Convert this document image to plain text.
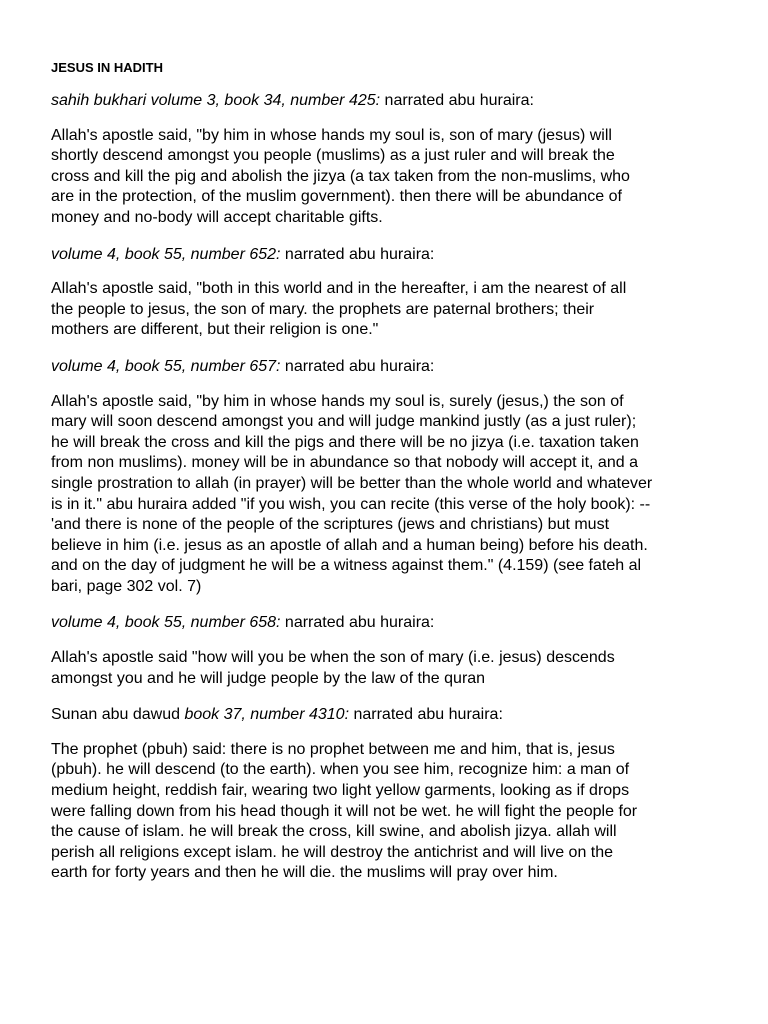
JESUS IN HADITH

sahih bukhari volume 3, book 34, number 425: narrated abu huraira:

Allah's apostle said, "by him in whose hands my soul is, son of mary (jesus) will
shortly descend amongst you people (muslims) as a just ruler and will break the
cross and kill the pig and abolish the jizya (a tax taken from the non-muslims, who
are in the protection, of the muslim government). then there will be abundance of
money and no-body will accept charitable gifts.

volume 4, book 55, number 652: narrated abu huraira:

Allah's apostle said, "both in this world and in the hereafter, i am the nearest of all
the people to jesus, the son of mary. the prophets are paternal brothers; their
mothers are different, but their religion is one."

volume 4, book 55, number 657: narrated abu huraira:

Allah's apostle said, "by him in whose hands my soul is, surely (jesus,) the son of
mary will soon descend amongst you and will judge mankind justly (as a just ruler);
he will break the cross and kill the pigs and there will be no jizya (i.e. taxation taken
from non muslims). money will be in abundance so that nobody will accept it, and a
single prostration to allah (in prayer) will be better than the whole world and whatever
is in it." abu huraira added "if you wish, you can recite (this verse of the holy book): --
'and there is none of the people of the scriptures (jews and christians) but must
believe in him (i.e. jesus as an apostle of allah and a human being) before his death.
and on the day of judgment he will be a witness against them." (4.159) (see fateh al
bari, page 302 vol. 7)

volume 4, book 55, number 658: narrated abu huraira:

Allah's apostle said "how will you be when the son of mary (i.e. jesus) descends
amongst you and he will judge people by the law of the quran

Sunan abu dawud book 37, number 4310: narrated abu huraira:

The prophet (pbuh) said: there is no prophet between me and him, that is, jesus
(pbuh). he will descend (to the earth). when you see him, recognize him: a man of
medium height, reddish fair, wearing two light yellow garments, looking as if drops
were falling down from his head though it will not be wet. he will fight the people for
the cause of islam. he will break the cross, kill swine, and abolish jizya. allah will
perish all religions except islam. he will destroy the antichrist and will live on the
earth for forty years and then he will die. the muslims will pray over him.
